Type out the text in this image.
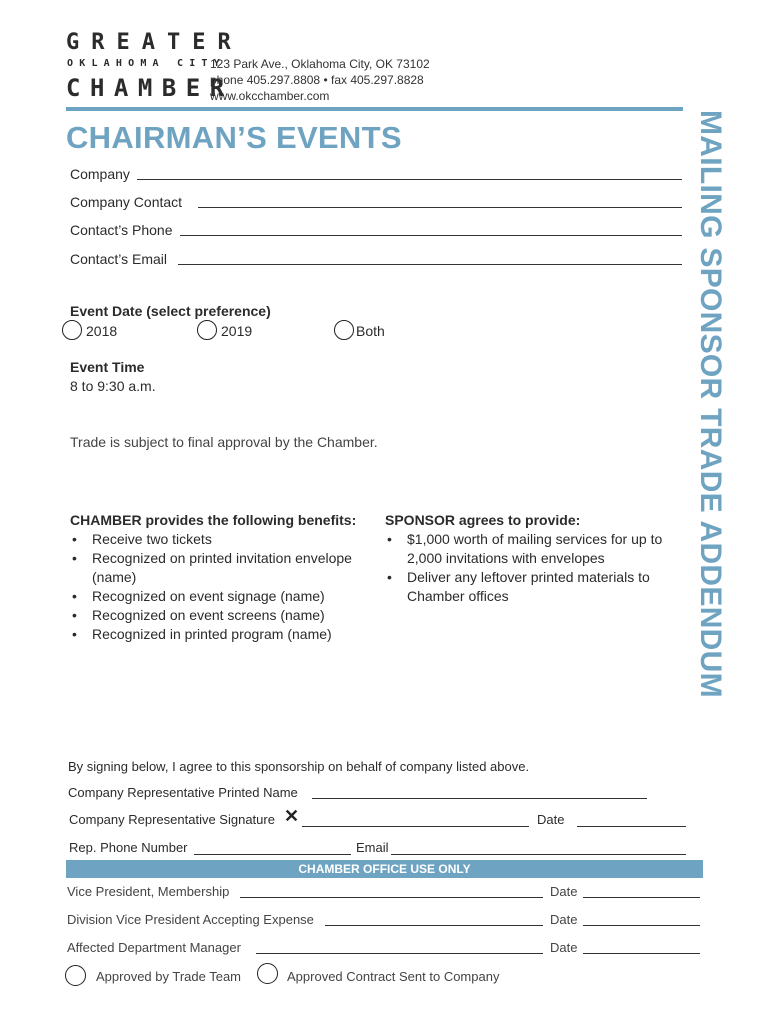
GREATER
OKLAHOMA CITY
CHAMBER
123 Park Ave., Oklahoma City, OK 73102
phone 405.297.8808 • fax 405.297.8828
www.okcchamber.com
CHAIRMAN’S EVENTS	MAILING SPONSOR TRADE ADDENDUM
Company
Company Contact
Contact’s Phone
Contact’s Email
Event Date (select preference)
2018	2019	Both
Event Time
8 to 9:30 a.m.
Trade is subject to final approval by the Chamber.
CHAMBER provides the following benefits:
• Receive two tickets
• Recognized on printed invitation envelope (name)
• Recognized on event signage (name)
• Recognized on event screens (name)
• Recognized in printed program (name)
SPONSOR agrees to provide:
• $1,000 worth of mailing services for up to 2,000 invitations with envelopes
• Deliver any leftover printed materials to Chamber offices
By signing below, I agree to this sponsorship on behalf of company listed above.
Company Representative Printed Name
Company Representative Signature ✕	Date
Rep. Phone Number	Email
CHAMBER OFFICE USE ONLY
Vice President, Membership	Date
Division Vice President Accepting Expense	Date
Affected Department Manager	Date
Approved by Trade Team	Approved Contract Sent to Company
